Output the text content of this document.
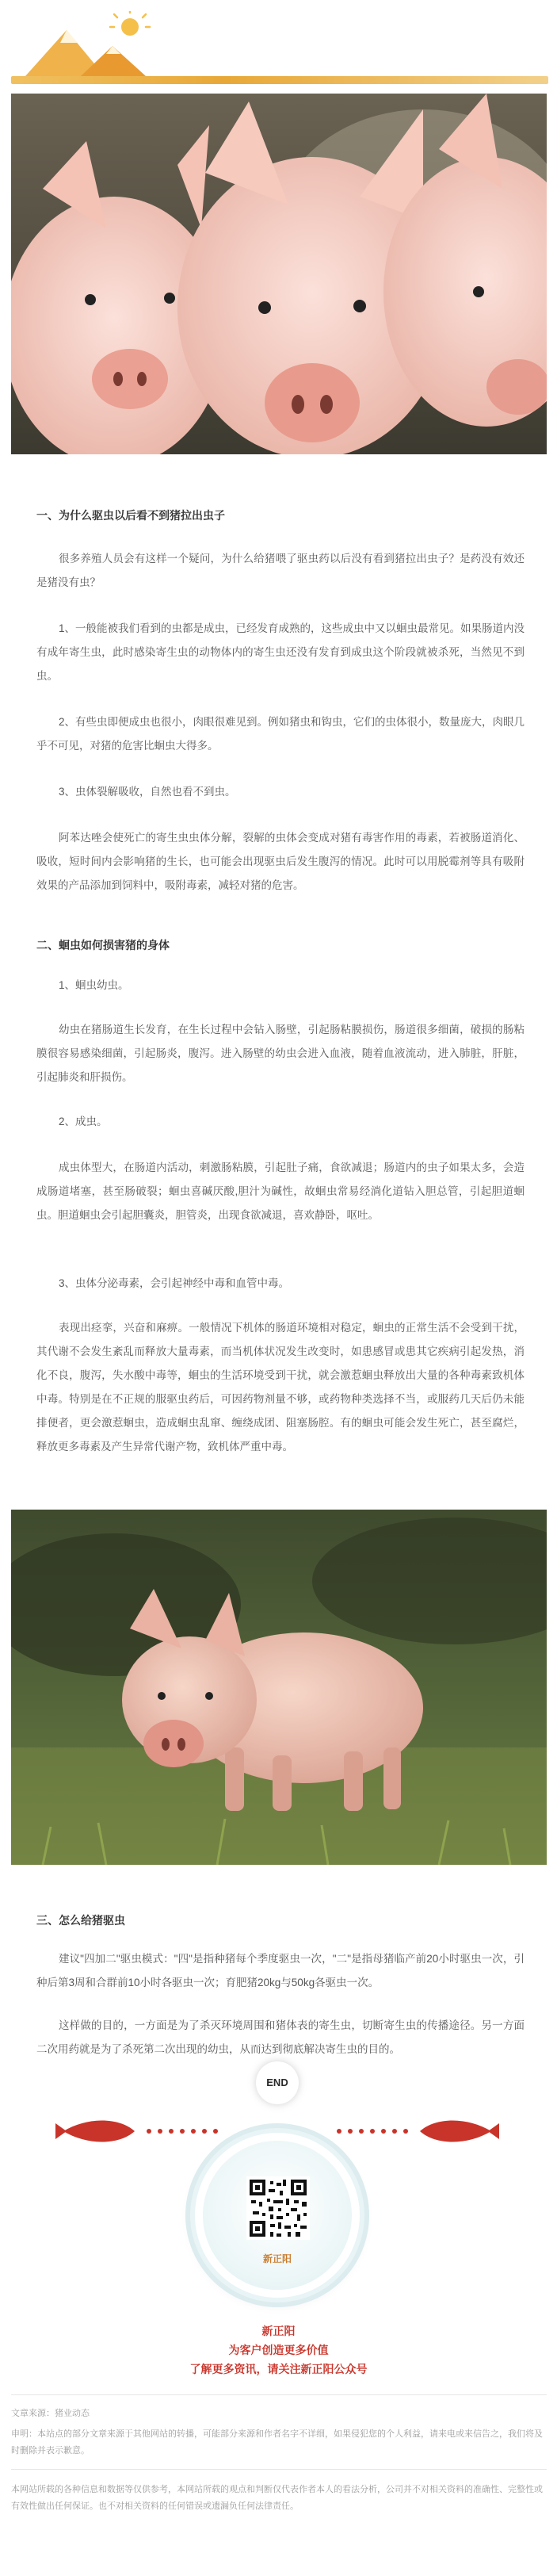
一、为什么驱虫以后看不到猪拉出虫子

很多养殖人员会有这样一个疑问，为什么给猪喂了驱虫药以后没有看到猪拉出虫子？是药没有效还是猪没有虫？

1、一般能被我们看到的虫都是成虫，已经发育成熟的，这些成虫中又以蛔虫最常见。如果肠道内没有成年寄生虫，此时感染寄生虫的动物体内的寄生虫还没有发育到成虫这个阶段就被杀死，当然见不到虫。

2、有些虫即便成虫也很小，肉眼很难见到。例如猪虫和钩虫，它们的虫体很小，数量庞大，肉眼几乎不可见，对猪的危害比蛔虫大得多。

3、虫体裂解吸收，自然也看不到虫。

阿苯达唑会使死亡的寄生虫虫体分解，裂解的虫体会变成对猪有毒害作用的毒素，若被肠道消化、吸收，短时间内会影响猪的生长，也可能会出现驱虫后发生腹泻的情况。此时可以用脱霉剂等具有吸附效果的产品添加到饲料中，吸附毒素，减轻对猪的危害。

二、蛔虫如何损害猪的身体

1、蛔虫幼虫。

幼虫在猪肠道生长发育，在生长过程中会钻入肠壁，引起肠粘膜损伤，肠道很多细菌，破损的肠粘膜很容易感染细菌，引起肠炎，腹泻。进入肠壁的幼虫会进入血液，随着血液流动，进入肺脏，肝脏，引起肺炎和肝损伤。

2、成虫。

成虫体型大，在肠道内活动，刺激肠粘膜，引起肚子痛，食欲减退；肠道内的虫子如果太多，会造成肠道堵塞，甚至肠破裂；蛔虫喜碱厌酸,胆汁为碱性，故蛔虫常易经淌化道钻入胆总管，引起胆道蛔虫。胆道蛔虫会引起胆囊炎，胆管炎，出现食欲减退，喜欢静卧，呕吐。

3、虫体分泌毒素，会引起神经中毒和血管中毒。

表现出痉挛，兴奋和麻痹。一般情况下机体的肠道环境相对稳定，蛔虫的正常生活不会受到干扰，其代谢不会发生紊乱而释放大量毒素，而当机体状况发生改变时，如患感冒或患其它疾病引起发热，消化不良，腹泻，失水酸中毒等，蛔虫的生活环境受到干扰，就会激惹蛔虫释放出大量的各种毒素致机体中毒。特别是在不正规的服驱虫药后，可因药物剂量不够，或药物种类选择不当，或服药几天后仍未能排便者，更会激惹蛔虫，造成蛔虫乱窜、缠绕成团、阻塞肠腔。有的蛔虫可能会发生死亡，甚至腐烂，释放更多毒素及产生异常代谢产物，致机体严重中毒。

三、怎么给猪驱虫

建议"四加二"驱虫模式："四"是指种猪每个季度驱虫一次，"二"是指母猪临产前20小时驱虫一次，引种后第3周和合群前10小时各驱虫一次；育肥猪20kg与50kg各驱虫一次。

这样做的目的，一方面是为了杀灭环境周围和猪体表的寄生虫，切断寄生虫的传播途径。另一方面二次用药就是为了杀死第二次出现的幼虫，从而达到彻底解决寄生虫的目的。

END
新正阳
新正阳
为客户创造更多价值
了解更多资讯，请关注新正阳公众号

文章来源：猪业动态

申明：本站点的部分文章来源于其他网站的转播，可能部分来源和作者名字不详细，如果侵犯您的个人利益，请来电或来信告之，我们将及时删除并表示歉意。

本网站所载的各种信息和数据等仅供参考，本网站所载的观点和判断仅代表作者本人的看法分析，公司并不对相关资料的准确性、完整性或有效性做出任何保证。也不对相关资料的任何错误或遗漏负任何法律责任。
